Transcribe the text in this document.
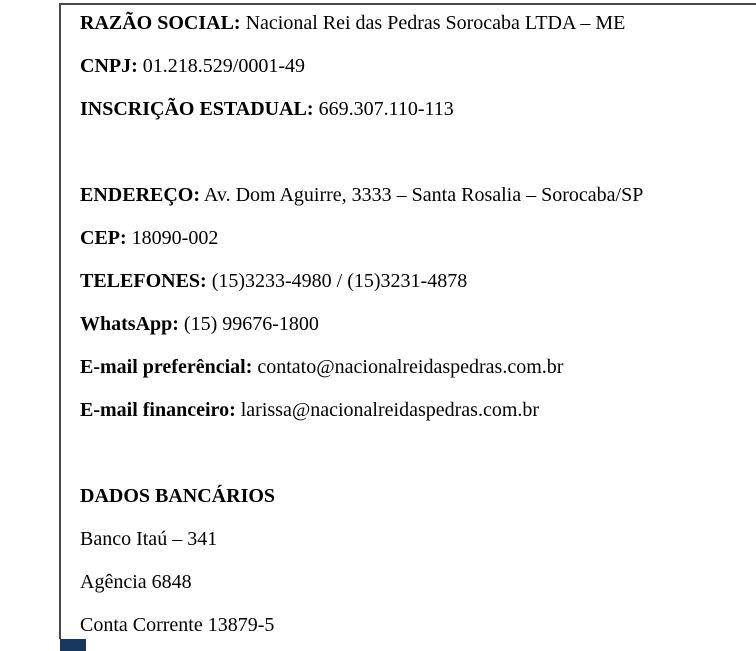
RAZÃO SOCIAL: Nacional Rei das Pedras Sorocaba LTDA – ME

CNPJ: 01.218.529/0001-49

INSCRIÇÃO ESTADUAL: 669.307.110-113

ENDEREÇO: Av. Dom Aguirre, 3333 – Santa Rosalia – Sorocaba/SP

CEP: 18090-002

TELEFONES: (15)3233-4980 / (15)3231-4878

WhatsApp: (15) 99676-1800

E-mail preferêncial: contato@nacionalreidaspedras.com.br

E-mail financeiro: larissa@nacionalreidaspedras.com.br

DADOS BANCÁRIOS

Banco Itaú – 341

Agência 6848

Conta Corrente 13879-5
